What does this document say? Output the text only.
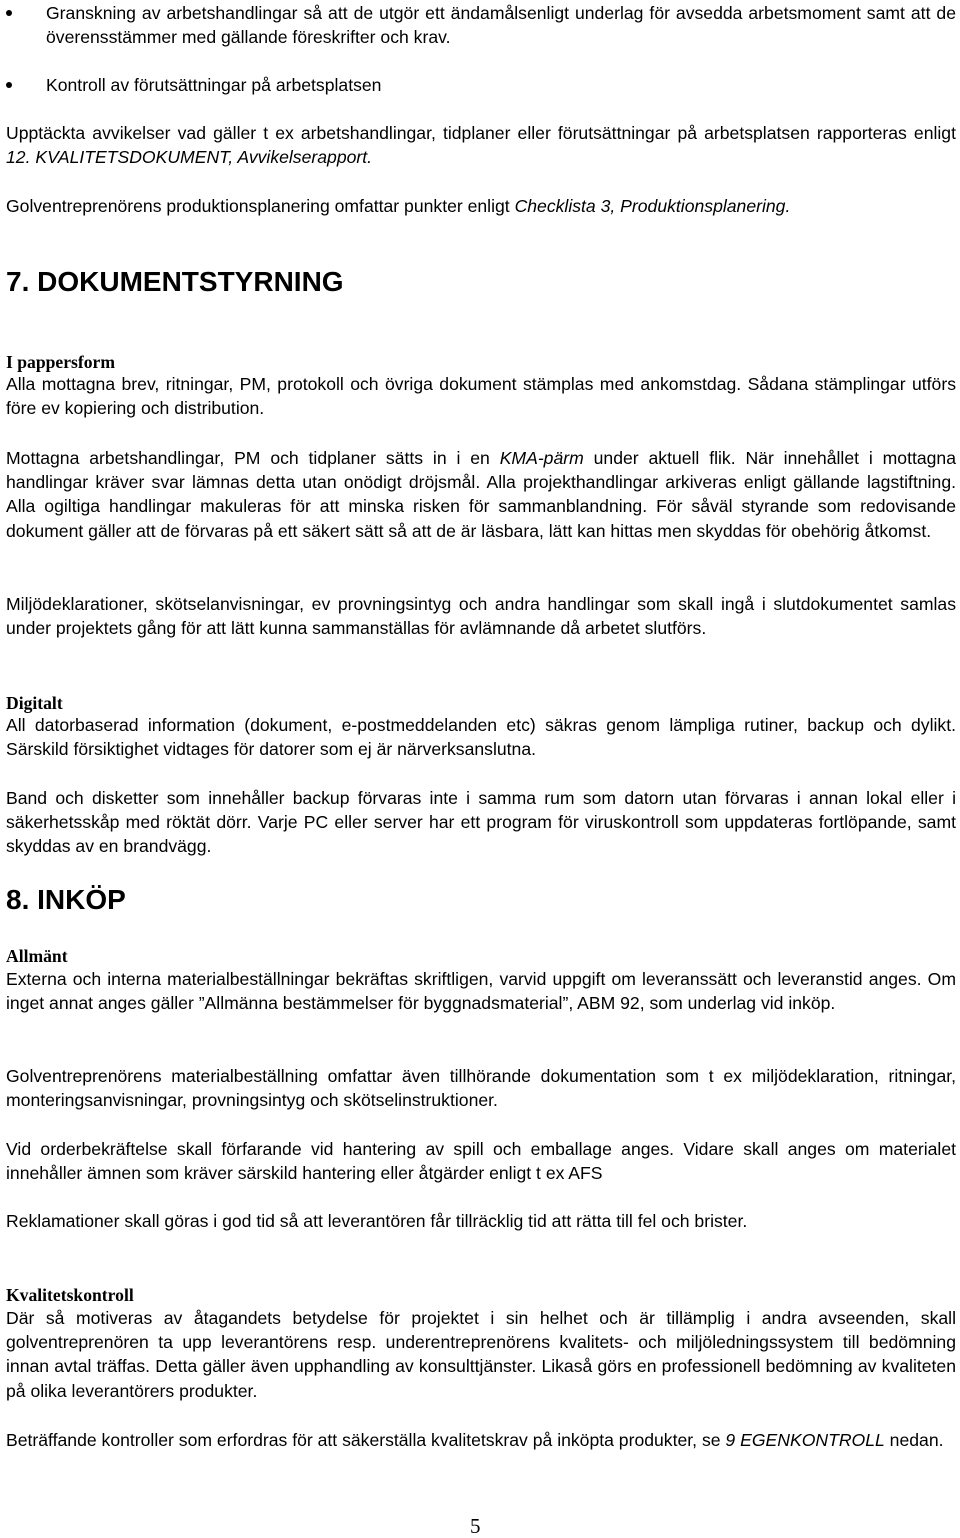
Granskning av arbetshandlingar så att de utgör ett ändamålsenligt underlag för avsedda arbetsmoment samt att de överensstämmer med gällande föreskrifter och krav.

Kontroll av förutsättningar på arbetsplatsen

Upptäckta avvikelser vad gäller t ex arbetshandlingar, tidplaner eller förutsättningar på arbetsplatsen rapporteras enligt 12. KVALITETSDOKUMENT, Avvikelserapport.

Golventreprenörens produktionsplanering omfattar punkter enligt Checklista 3, Produktionsplanering.

7. DOKUMENTSTYRNING
I pappersform

Alla mottagna brev, ritningar, PM, protokoll och övriga dokument stämplas med ankomstdag. Sådana stämplingar utförs före ev kopiering och distribution.

Mottagna arbetshandlingar, PM och tidplaner sätts in i en KMA-pärm under aktuell flik. När innehållet i mottagna handlingar kräver svar lämnas detta utan onödigt dröjsmål. Alla projekthandlingar arkiveras enligt gällande lagstiftning. Alla ogiltiga handlingar makuleras för att minska risken för sammanblandning. För såväl styrande som redovisande dokument gäller att de förvaras på ett säkert sätt så att de är läsbara, lätt kan hittas men skyddas för obehörig åtkomst.

Miljödeklarationer, skötselanvisningar, ev provningsintyg och andra handlingar som skall ingå i slutdokumentet samlas under projektets gång för att lätt kunna sammanställas för avlämnande då arbetet slutförs.

Digitalt

All datorbaserad information (dokument, e-postmeddelanden etc) säkras genom lämpliga rutiner, backup och dylikt. Särskild försiktighet vidtages för datorer som ej är närverksanslutna.

Band och disketter som innehåller backup förvaras inte i samma rum som datorn utan förvaras i annan lokal eller i säkerhetsskåp med röktät dörr. Varje PC eller server har ett program för viruskontroll som uppdateras fortlöpande, samt skyddas av en brandvägg.

8. INKÖP
Allmänt

Externa och interna materialbeställningar bekräftas skriftligen, varvid uppgift om leveranssätt och leveranstid anges. Om inget annat anges gäller ”Allmänna bestämmelser för byggnadsmaterial”, ABM 92, som underlag vid inköp.

Golventreprenörens materialbeställning omfattar även tillhörande dokumentation som t ex miljödeklaration, ritningar, monteringsanvisningar, provningsintyg och skötselinstruktioner.

Vid orderbekräftelse skall förfarande vid hantering av spill och emballage anges. Vidare skall anges om materialet innehåller ämnen som kräver särskild hantering eller åtgärder enligt t ex AFS

Reklamationer skall göras i god tid så att leverantören får tillräcklig tid att rätta till fel och brister.

Kvalitetskontroll

Där så motiveras av åtagandets betydelse för projektet i sin helhet och är tillämplig i andra avseenden, skall golventreprenören ta upp leverantörens resp. underentreprenörens kvalitets- och miljöledningssystem till bedömning innan avtal träffas. Detta gäller även upphandling av konsulttjänster. Likaså görs en professionell bedömning av kvaliteten på olika leverantörers produkter.

Beträffande kontroller som erfordras för att säkerställa kvalitetskrav på inköpta produkter, se 9 EGENKONTROLL nedan.

5
